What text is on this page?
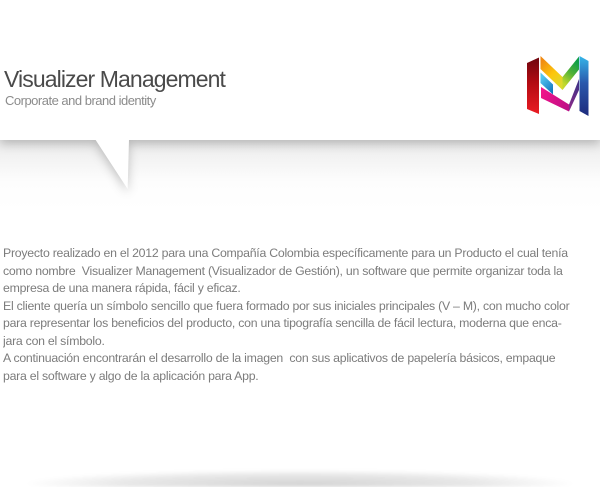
Visualizer Management
Corporate and brand identity
Proyecto realizado en el 2012 para una Compañía Colombia específicamente para un Producto el cual tenía
como nombre  Visualizer Management (Visualizador de Gestión), un software que permite organizar toda la
empresa de una manera rápida, fácil y eficaz.
El cliente quería un símbolo sencillo que fuera formado por sus iniciales principales (V – M), con mucho color
para representar los beneficios del producto, con una tipografía sencilla de fácil lectura, moderna que enca-
jara con el símbolo.
A continuación encontrarán el desarrollo de la imagen  con sus aplicativos de papelería básicos, empaque
para el software y algo de la aplicación para App.
